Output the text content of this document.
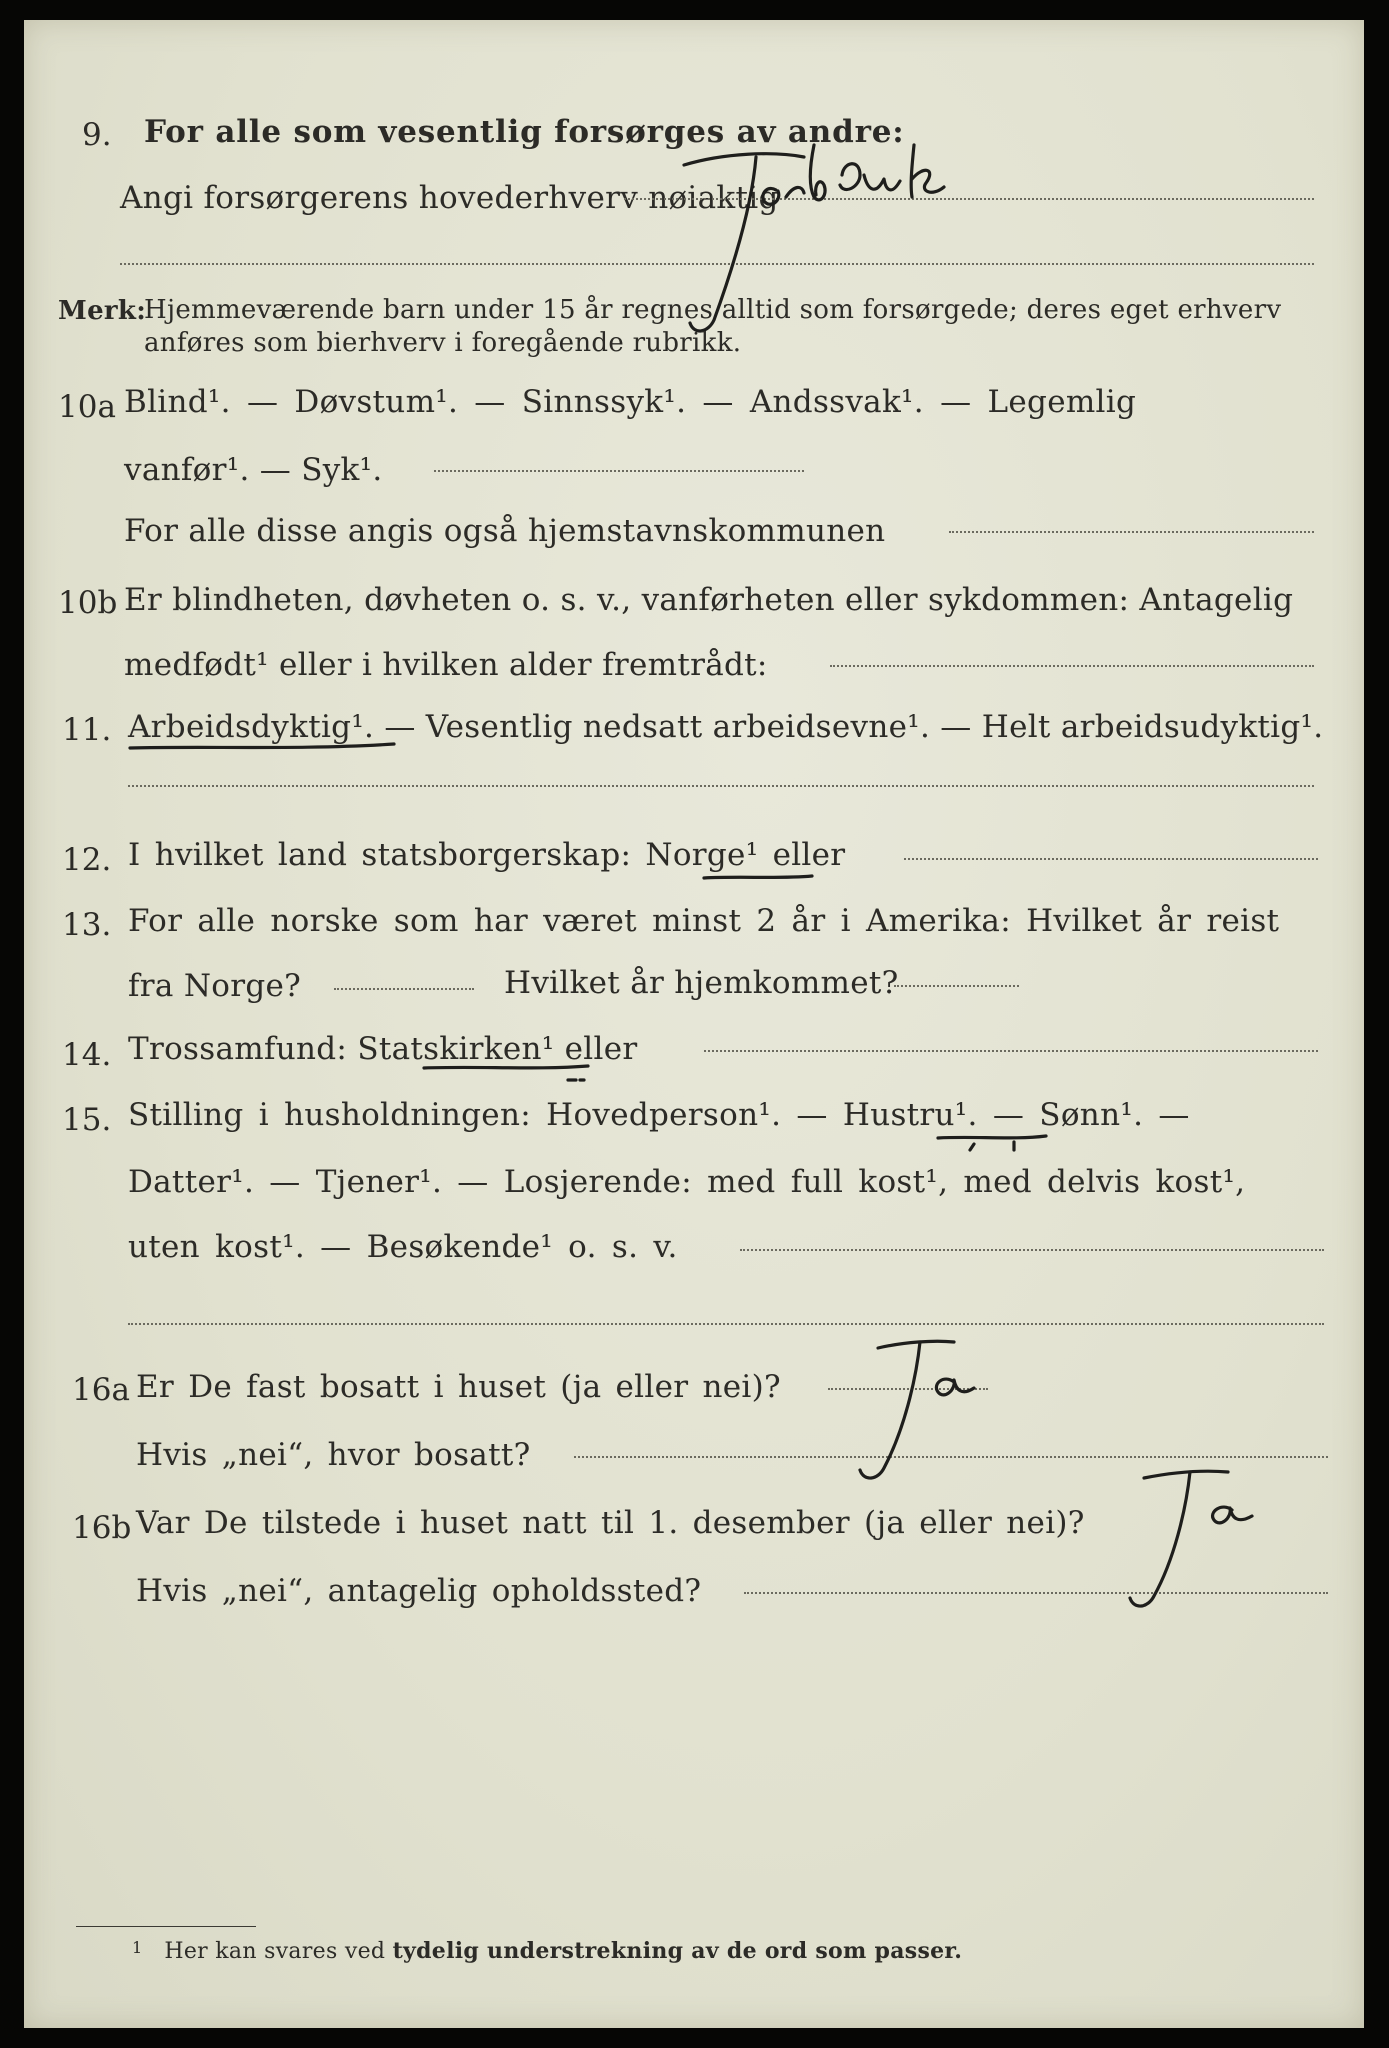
9. For alle som vesentlig forsørges av andre:
Angi forsørgerens hovederhverv nøiaktig
Merk:
Hjemmeværende barn under 15 år regnes alltid som forsørgede; deres eget erhverv
anføres som bierhverv i foregående rubrikk.
10a Blind¹. — Døvstum¹. — Sinnssyk¹. — Andssvak¹. — Legemlig
vanfør¹. — Syk¹.
For alle disse angis også hjemstavnskommunen
10b Er blindheten, døvheten o. s. v., vanførheten eller sykdommen: Antagelig
medfødt¹ eller i hvilken alder fremtrådt:
11. Arbeidsdyktig¹. — Vesentlig nedsatt arbeidsevne¹. — Helt arbeidsudyktig¹.
12. I hvilket land statsborgerskap: Norge¹ eller
13. For alle norske som har været minst 2 år i Amerika: Hvilket år reist
fra Norge?	Hvilket år hjemkommet?
14. Trossamfund: Statskirken¹ eller
15. Stilling i husholdningen: Hovedperson¹. — Hustru¹. — Sønn¹. —
Datter¹. — Tjener¹. — Losjerende: med full kost¹, med delvis kost¹,
uten kost¹. — Besøkende¹ o. s. v.
16a Er De fast bosatt i huset (ja eller nei)?
Hvis „nei“, hvor bosatt?
16b Var De tilstede i huset natt til 1. desember (ja eller nei)?
Hvis „nei“, antagelig opholdssted?
$^1$ Her kan svares ved tydelig understrekning av de ord som passer.
